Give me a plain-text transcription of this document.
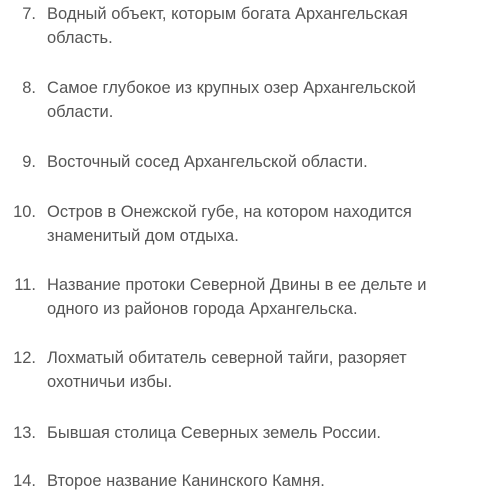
7. Водный объект, которым богата Архангельская область.
8. Самое глубокое из крупных озер Архангельской области.
9. Восточный сосед Архангельской области.
10. Остров в Онежской губе, на котором находится знаменитый дом отдыха.
11. Название протоки Северной Двины в ее дельте и одного из районов города Архангельска.
12. Лохматый обитатель северной тайги, разоряет охотничьи избы.
13. Бывшая столица Северных земель России.
14. Второе название Канинского Камня.
